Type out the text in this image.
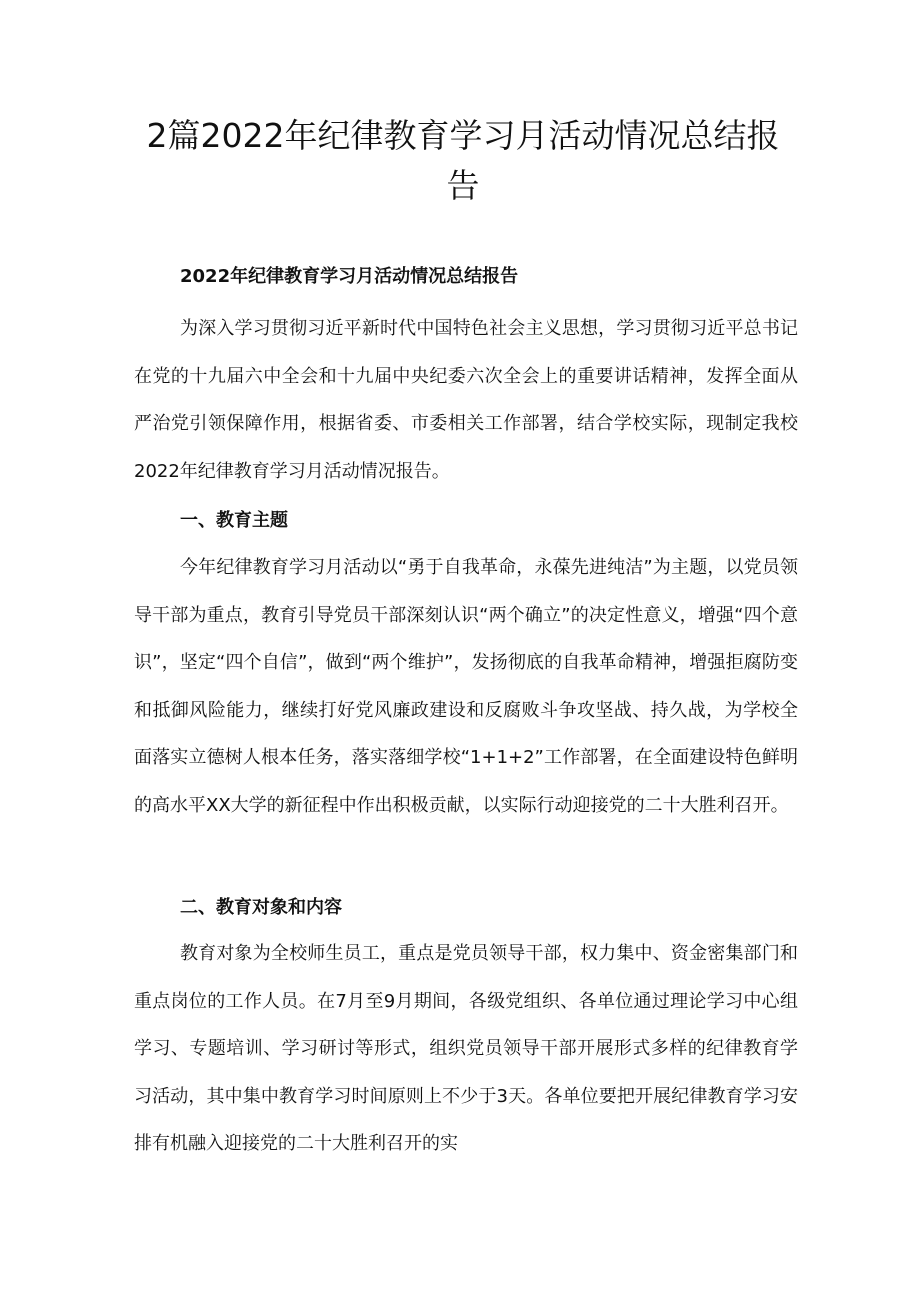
2篇2022年纪律教育学习月活动情况总结报
告

2022年纪律教育学习月活动情况总结报告

为深入学习贯彻习近平新时代中国特色社会主义思想，学习贯彻习近平总书记在党的十九届六中全会和十九届中央纪委六次全会上的重要讲话精神，发挥全面从严治党引领保障作用，根据省委、市委相关工作部署，结合学校实际，现制定我校2022年纪律教育学习月活动情况报告。

一、教育主题

今年纪律教育学习月活动以“勇于自我革命，永葆先进纯洁”为主题，以党员领导干部为重点，教育引导党员干部深刻认识“两个确立”的决定性意义，增强“四个意识”，坚定“四个自信”，做到“两个维护”，发扬彻底的自我革命精神，增强拒腐防变和抵御风险能力，继续打好党风廉政建设和反腐败斗争攻坚战、持久战，为学校全面落实立德树人根本任务，落实落细学校“1+1+2”工作部署，在全面建设特色鲜明的高水平XX大学的新征程中作出积极贡献，以实际行动迎接党的二十大胜利召开。

二、教育对象和内容

教育对象为全校师生员工，重点是党员领导干部，权力集中、资金密集部门和重点岗位的工作人员。在7月至9月期间，各级党组织、各单位通过理论学习中心组学习、专题培训、学习研讨等形式，组织党员领导干部开展形式多样的纪律教育学习活动，其中集中教育学习时间原则上不少于3天。各单位要把开展纪律教育学习安排有机融入迎接党的二十大胜利召开的实
